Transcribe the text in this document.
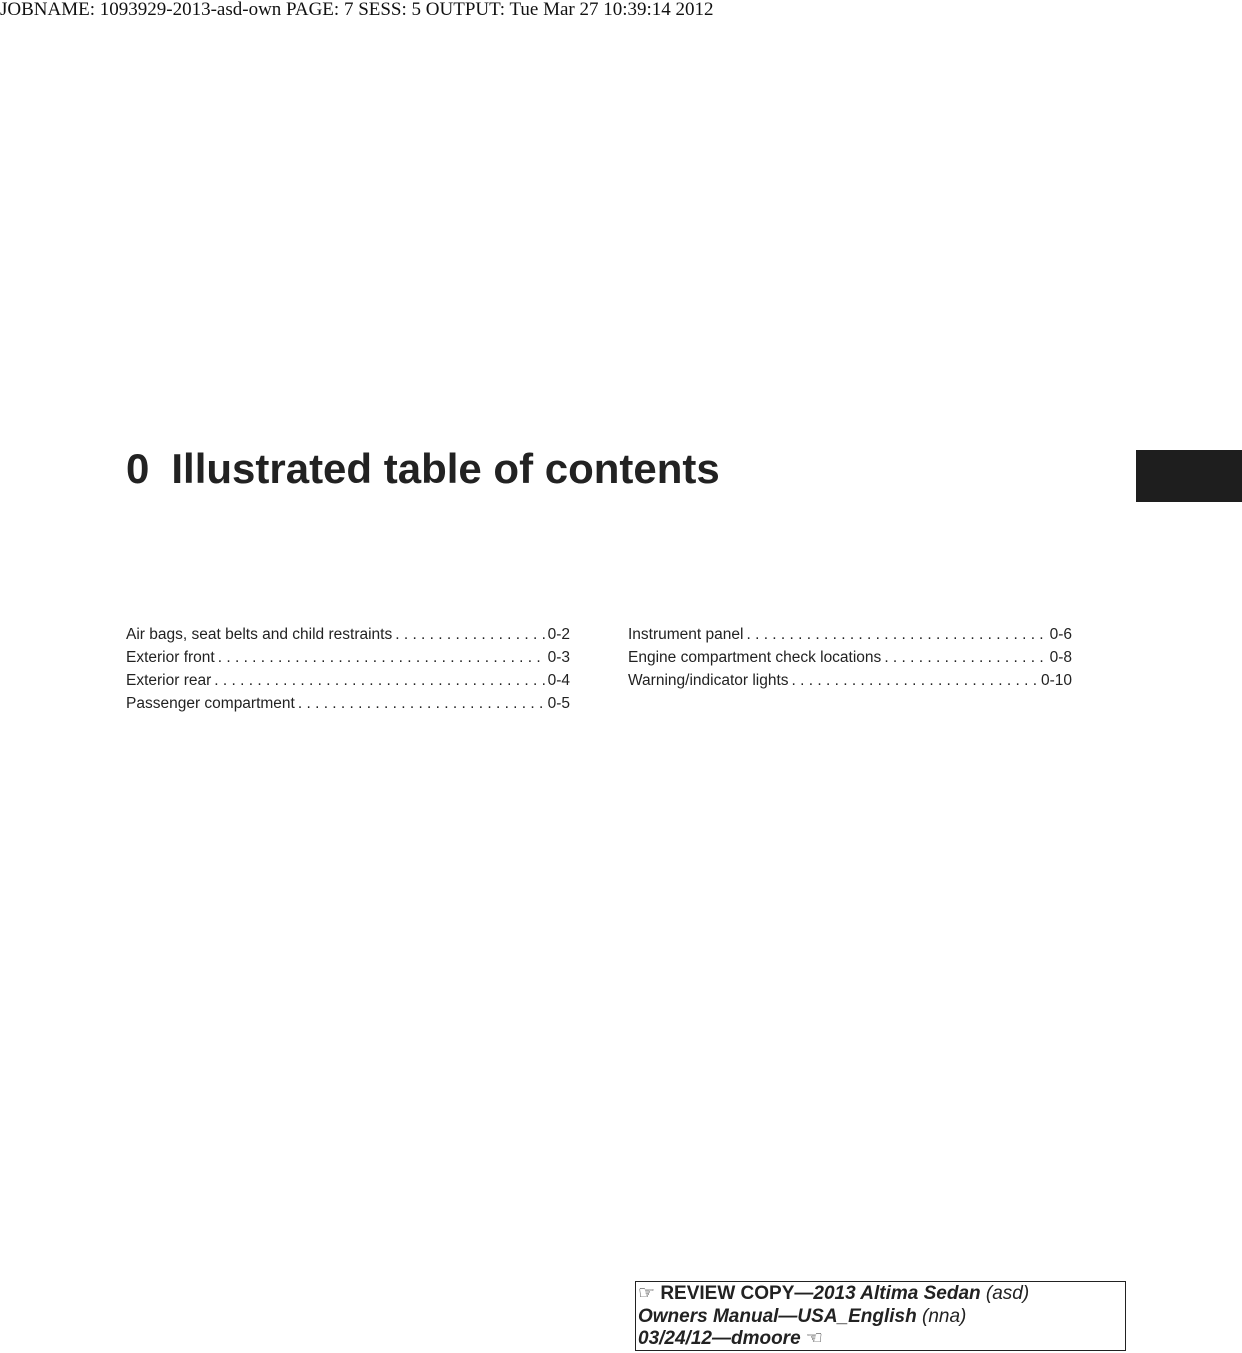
JOBNAME: 1093929-2013-asd-own PAGE: 7 SESS: 5 OUTPUT: Tue Mar 27 10:39:14 2012
0 Illustrated table of contents
Air bags, seat belts and child restraints . . .	0-2
Exterior front . . .	0-3
Exterior rear . . .	0-4
Passenger compartment . . .	0-5
Instrument panel . . .	0-6
Engine compartment check locations . . .	0-8
Warning/indicator lights . . .	0-10
☞ REVIEW COPY—2013 Altima Sedan (asd)
Owners Manual—USA_English (nna)
03/24/12—dmoore ☜
